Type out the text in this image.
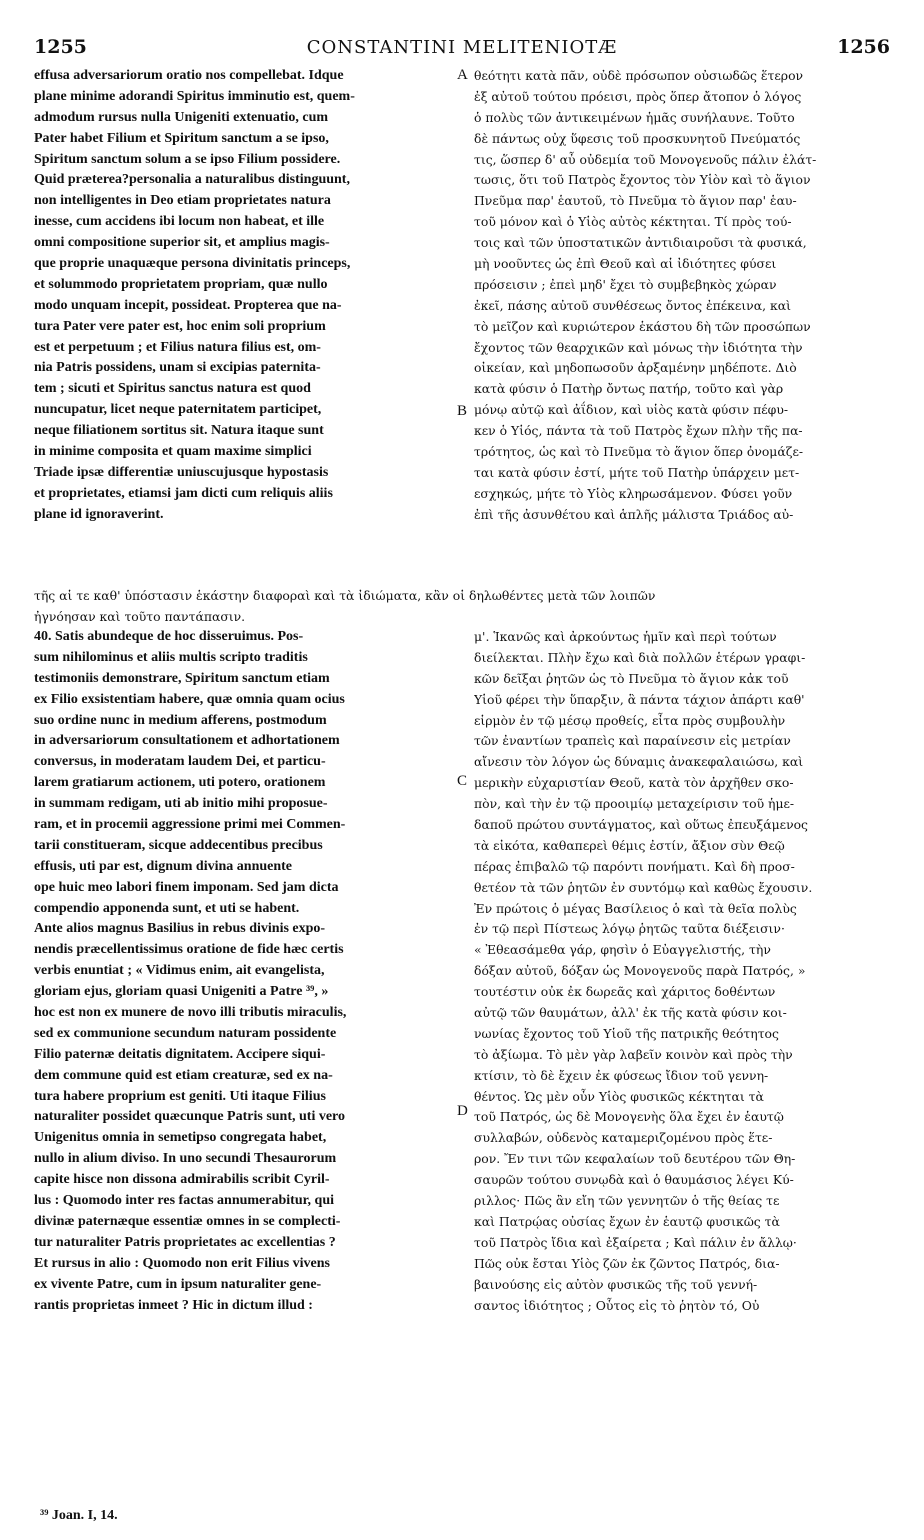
1255	CONSTANTINI MELITENIOTÆ	1256
effusa adversariorum oratio nos compellebat. Idque
plane minime adorandi Spiritus imminutio est, quem-
admodum rursus nulla Unigeniti extenuatio, cum
Pater habet Filium et Spiritum sanctum a se ipso,
Spiritum sanctum solum a se ipso Filium possidere.
Quid præterea?personalia a naturalibus distinguunt,
non intelligentes in Deo etiam proprietates natura
inesse, cum accidens ibi locum non habeat, et ille
omni compositione superior sit, et amplius magis-
que proprie unaquæque persona divinitatis princeps,
et solummodo proprietatem propriam, quæ nullo
modo unquam incepit, possideat. Propterea que na-
tura Pater vere pater est, hoc enim soli proprium
est et perpetuum ; et Filius natura filius est, om-
nia Patris possidens, unam si excipias paternita-
tem ; sicuti et Spiritus sanctus natura est quod
nuncupatur, licet neque paternitatem participet,
neque filiationem sortitus sit. Natura itaque sunt
in minime composita et quam maxime simplici
Triade ipsæ differentiæ uniuscujusque hypostasis
et proprietates, etiamsi jam dicti cum reliquis aliis
plane id ignoraverint.
θεότητι κατὰ πᾶν, οὐδὲ πρόσωπον οὐσιωδῶς ἕτερον
ἐξ αὐτοῦ τούτου πρόεισι, πρὸς ὅπερ ἄτοπον ὁ λόγος
ὁ πολὺς τῶν ἀντικειμένων ἡμᾶς συνήλαυνε. Τοῦτο
δὲ πάντως οὐχ ὕφεσις τοῦ προσκυνητοῦ Πνεύματός
τις, ὥσπερ δ' αὖ οὐδεμία τοῦ Μονογενοῦς πάλιν ἐλάτ-
τωσις, ὅτι τοῦ Πατρὸς ἔχοντος τὸν Υἱὸν καὶ τὸ ἅγιον
Πνεῦμα παρ' ἑαυτοῦ, τὸ Πνεῦμα τὸ ἅγιον παρ' ἑαυ-
τοῦ μόνον καὶ ὁ Υἱὸς αὐτὸς κέκτηται. Τί πρὸς τού-
τοις καὶ τῶν ὑποστατικῶν ἀντιδιαιροῦσι τὰ φυσικά,
μὴ νοοῦντες ὡς ἐπὶ Θεοῦ καὶ αἱ ἰδιότητες φύσει
πρόσεισιν ; ἐπεὶ μηδ' ἔχει τὸ συμβεβηκὸς χώραν
ἐκεῖ, πάσης αὐτοῦ συνθέσεως ὄντος ἐπέκεινα, καὶ
τὸ μεῖζον καὶ κυριώτερον ἑκάστου δὴ τῶν προσώπων
ἔχοντος τῶν θεαρχικῶν καὶ μόνως τὴν ἰδιότητα τὴν
οἰκείαν, καὶ μηδοπωσοῦν ἀρξαμένην μηδέποτε. Διὸ
κατὰ φύσιν ὁ Πατὴρ ὄντως πατήρ, τοῦτο καὶ γὰρ
μόνῳ αὐτῷ καὶ ἀΐδιον, καὶ υἱὸς κατὰ φύσιν πέφυ-
κεν ὁ Υἱός, πάντα τὰ τοῦ Πατρὸς ἔχων πλὴν τῆς πα-
τρότητος, ὡς καὶ τὸ Πνεῦμα τὸ ἅγιον ὅπερ ὀνομάζε-
ται κατὰ φύσιν ἐστί, μήτε τοῦ Πατὴρ ὑπάρχειν μετ-
εσχηκώς, μήτε τὸ Υἱὸς κληρωσάμενον. Φύσει γοῦν
ἐπὶ τῆς ἀσυνθέτου καὶ ἁπλῆς μάλιστα Τριάδος αὐ-
τῆς αἱ τε καθ' ὑπόστασιν ἑκάστην διαφοραὶ καὶ τὰ ἰδιώματα, κἂν οἱ δηλωθέντες μετὰ τῶν λοιπῶν
ἠγνόησαν καὶ τοῦτο παντάπασιν.
40. Satis abundeque de hoc disseruimus. Pos-
sum nihilominus et aliis multis scripto traditis
testimoniis demonstrare, Spiritum sanctum etiam
ex Filio exsistentiam habere, quæ omnia quam ocius
suo ordine nunc in medium afferens, postmodum
in adversariorum consultationem et adhortationem
conversus, in moderatam laudem Dei, et particu-
larem gratiarum actionem, uti potero, orationem
in summam redigam, uti ab initio mihi proposue-
ram, et in procemii aggressione primi mei Commen-
tarii constitueram, sicque addecentibus precibus
effusis, uti par est, dignum divina annuente
ope huic meo labori finem imponam. Sed jam dicta
compendio apponenda sunt, et uti se habent.
Ante alios magnus Basilius in rebus divinis expo-
nendis præcellentissimus oratione de fide hæc certis
verbis enuntiat ; « Vidimus enim, ait evangelista,
gloriam ejus, gloriam quasi Unigeniti a Patre ³⁹, »
hoc est non ex munere de novo illi tributis miraculis,
sed ex communione secundum naturam possidente
Filio paternæ deitatis dignitatem. Accipere siqui-
dem commune quid est etiam creaturæ, sed ex na-
tura habere proprium est geniti. Uti itaque Filius
naturaliter possidet quæcunque Patris sunt, uti vero
Unigenitus omnia in semetipso congregata habet,
nullo in alium diviso. In uno secundi Thesaurorum
capite hisce non dissona admirabilis scribit Cyril-
lus : Quomodo inter res factas annumerabitur, qui
divinæ paternæque essentiæ omnes in se complecti-
tur naturaliter Patris proprietates ac excellentias ?
Et rursus in alio : Quomodo non erit Filius vivens
ex vivente Patre, cum in ipsum naturaliter gene-
rantis proprietas inmeet ? Hic in dictum illud :
μ'. Ἱκανῶς καὶ ἀρκούντως ἡμῖν καὶ περὶ τούτων
διείλεκται. Πλὴν ἔχω καὶ διὰ πολλῶν ἑτέρων γραφι-
κῶν δεῖξαι ῥητῶν ὡς τὸ Πνεῦμα τὸ ἅγιον κἀκ τοῦ
Υἱοῦ φέρει τὴν ὕπαρξιν, ἃ πάντα τάχιον ἀπάρτι καθ'
εἱρμὸν ἐν τῷ μέσῳ προθείς, εἶτα πρὸς συμβουλὴν
τῶν ἐναντίων τραπεὶς καὶ παραίνεσιν εἰς μετρίαν
αἴνεσιν τὸν λόγον ὡς δύναμις ἀνακεφαλαιώσω, καὶ
μερικὴν εὐχαριστίαν Θεοῦ, κατὰ τὸν ἀρχῆθεν σκο-
πὸν, καὶ τὴν ἐν τῷ προοιμίῳ μεταχείρισιν τοῦ ἡμε-
δαποῦ πρώτου συντάγματος, καὶ οὕτως ἐπευξάμενος
τὰ εἰκότα, καθαπερεὶ θέμις ἐστίν, ἄξιον σὺν Θεῷ
πέρας ἐπιβαλῶ τῷ παρόντι πονήματι. Καὶ δὴ προσ-
θετέον τὰ τῶν ῥητῶν ἐν συντόμῳ καὶ καθὼς ἔχουσιν.
Ἐν πρώτοις ὁ μέγας Βασίλειος ὁ καὶ τὰ θεῖα πολὺς
ἐν τῷ περὶ Πίστεως λόγῳ ῥητῶς ταῦτα διέξεισιν·
« Ἐθεασάμεθα γάρ, φησὶν ὁ Εὐαγγελιστής, τὴν
δόξαν αὐτοῦ, δόξαν ὡς Μονογενοῦς παρὰ Πατρός, »
τουτέστιν οὐκ ἐκ δωρεᾶς καὶ χάριτος δοθέντων
αὐτῷ τῶν θαυμάτων, ἀλλ' ἐκ τῆς κατὰ φύσιν κοι-
νωνίας ἔχοντος τοῦ Υἱοῦ τῆς πατρικῆς θεότητος
τὸ ἀξίωμα. Τὸ μὲν γὰρ λαβεῖν κοινὸν καὶ πρὸς τὴν
κτίσιν, τὸ δὲ ἔχειν ἐκ φύσεως ἴδιον τοῦ γεννη-
θέντος. Ὡς μὲν οὖν Υἱὸς φυσικῶς κέκτηται τὰ
τοῦ Πατρός, ὡς δὲ Μονογενὴς ὅλα ἔχει ἐν ἑαυτῷ
συλλαβών, οὐδενὸς καταμεριζομένου πρὸς ἕτε-
ρον. Ἔν τινι τῶν κεφαλαίων τοῦ δευτέρου τῶν Θη-
σαυρῶν τούτου συνῳδὰ καὶ ὁ θαυμάσιος λέγει Κύ-
ριλλος· Πῶς ἂν εἴη τῶν γεννητῶν ὁ τῆς θείας τε
καὶ Πατρῴας οὐσίας ἔχων ἐν ἑαυτῷ φυσικῶς τὰ
τοῦ Πατρὸς ἴδια καὶ ἐξαίρετα ; Καὶ πάλιν ἐν ἄλλῳ·
Πῶς οὐκ ἔσται Υἱὸς ζῶν ἐκ ζῶντος Πατρός, δια-
βαινούσης εἰς αὐτὸν φυσικῶς τῆς τοῦ γεννή-
σαντος ἰδιότητος ; Οὗτος εἰς τὸ ῥητὸν τό, Οὐ
A
B
C
D
³⁹ Joan. I, 14.
